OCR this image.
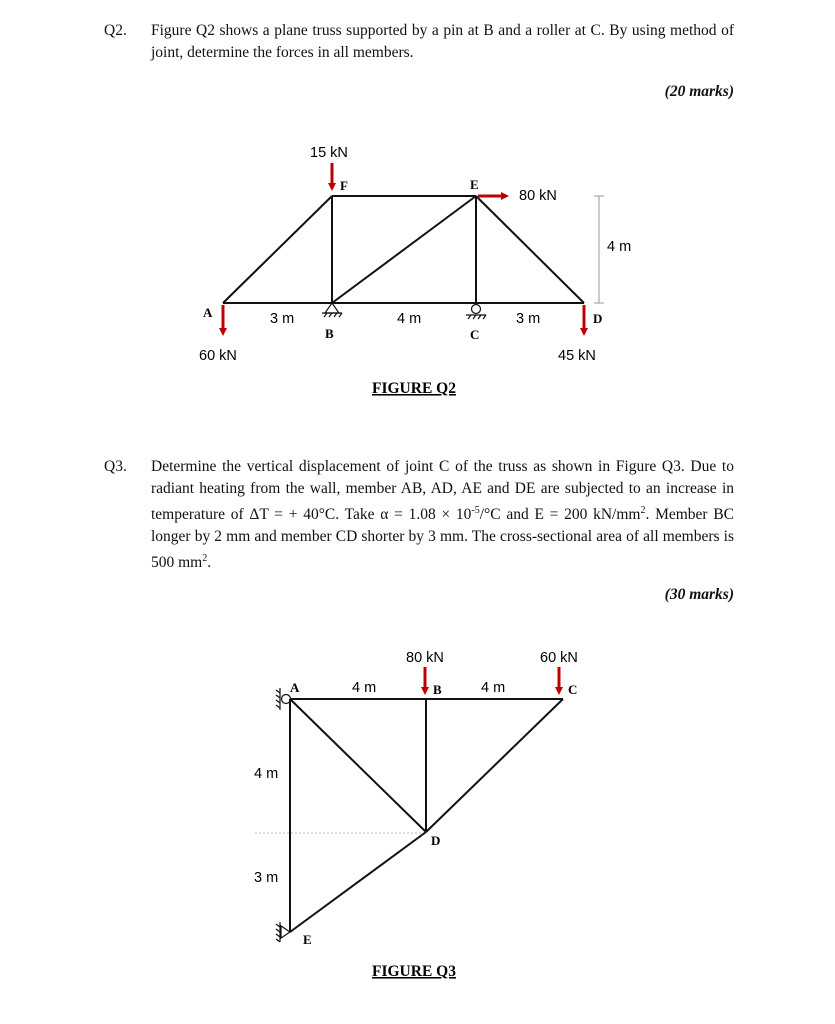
Q2. Figure Q2 shows a plane truss supported by a pin at B and a roller at C. By using method of joint, determine the forces in all members.
(20 marks)
15 kN
F	E
80 kN
4 m
A	3 m	4 m	3 m	D
B	C
60 kN	45 kN
FIGURE Q2
Q3. Determine the vertical displacement of joint C of the truss as shown in Figure Q3. Due to radiant heating from the wall, member AB, AD, AE and DE are subjected to an increase in temperature of ΔT = + 40°C. Take $\alpha = 1.08 \times 10^{-5}/^\circ C$ and E = 200 $kN/mm^2$. Member BC longer by 2 mm and member CD shorter by 3 mm. The cross-sectional area of all members is 500 $mm^2$.
(30 marks)
80 kN	60 kN
A	4 m	B	4 m	C
4 m
D
3 m
E
FIGURE Q3
